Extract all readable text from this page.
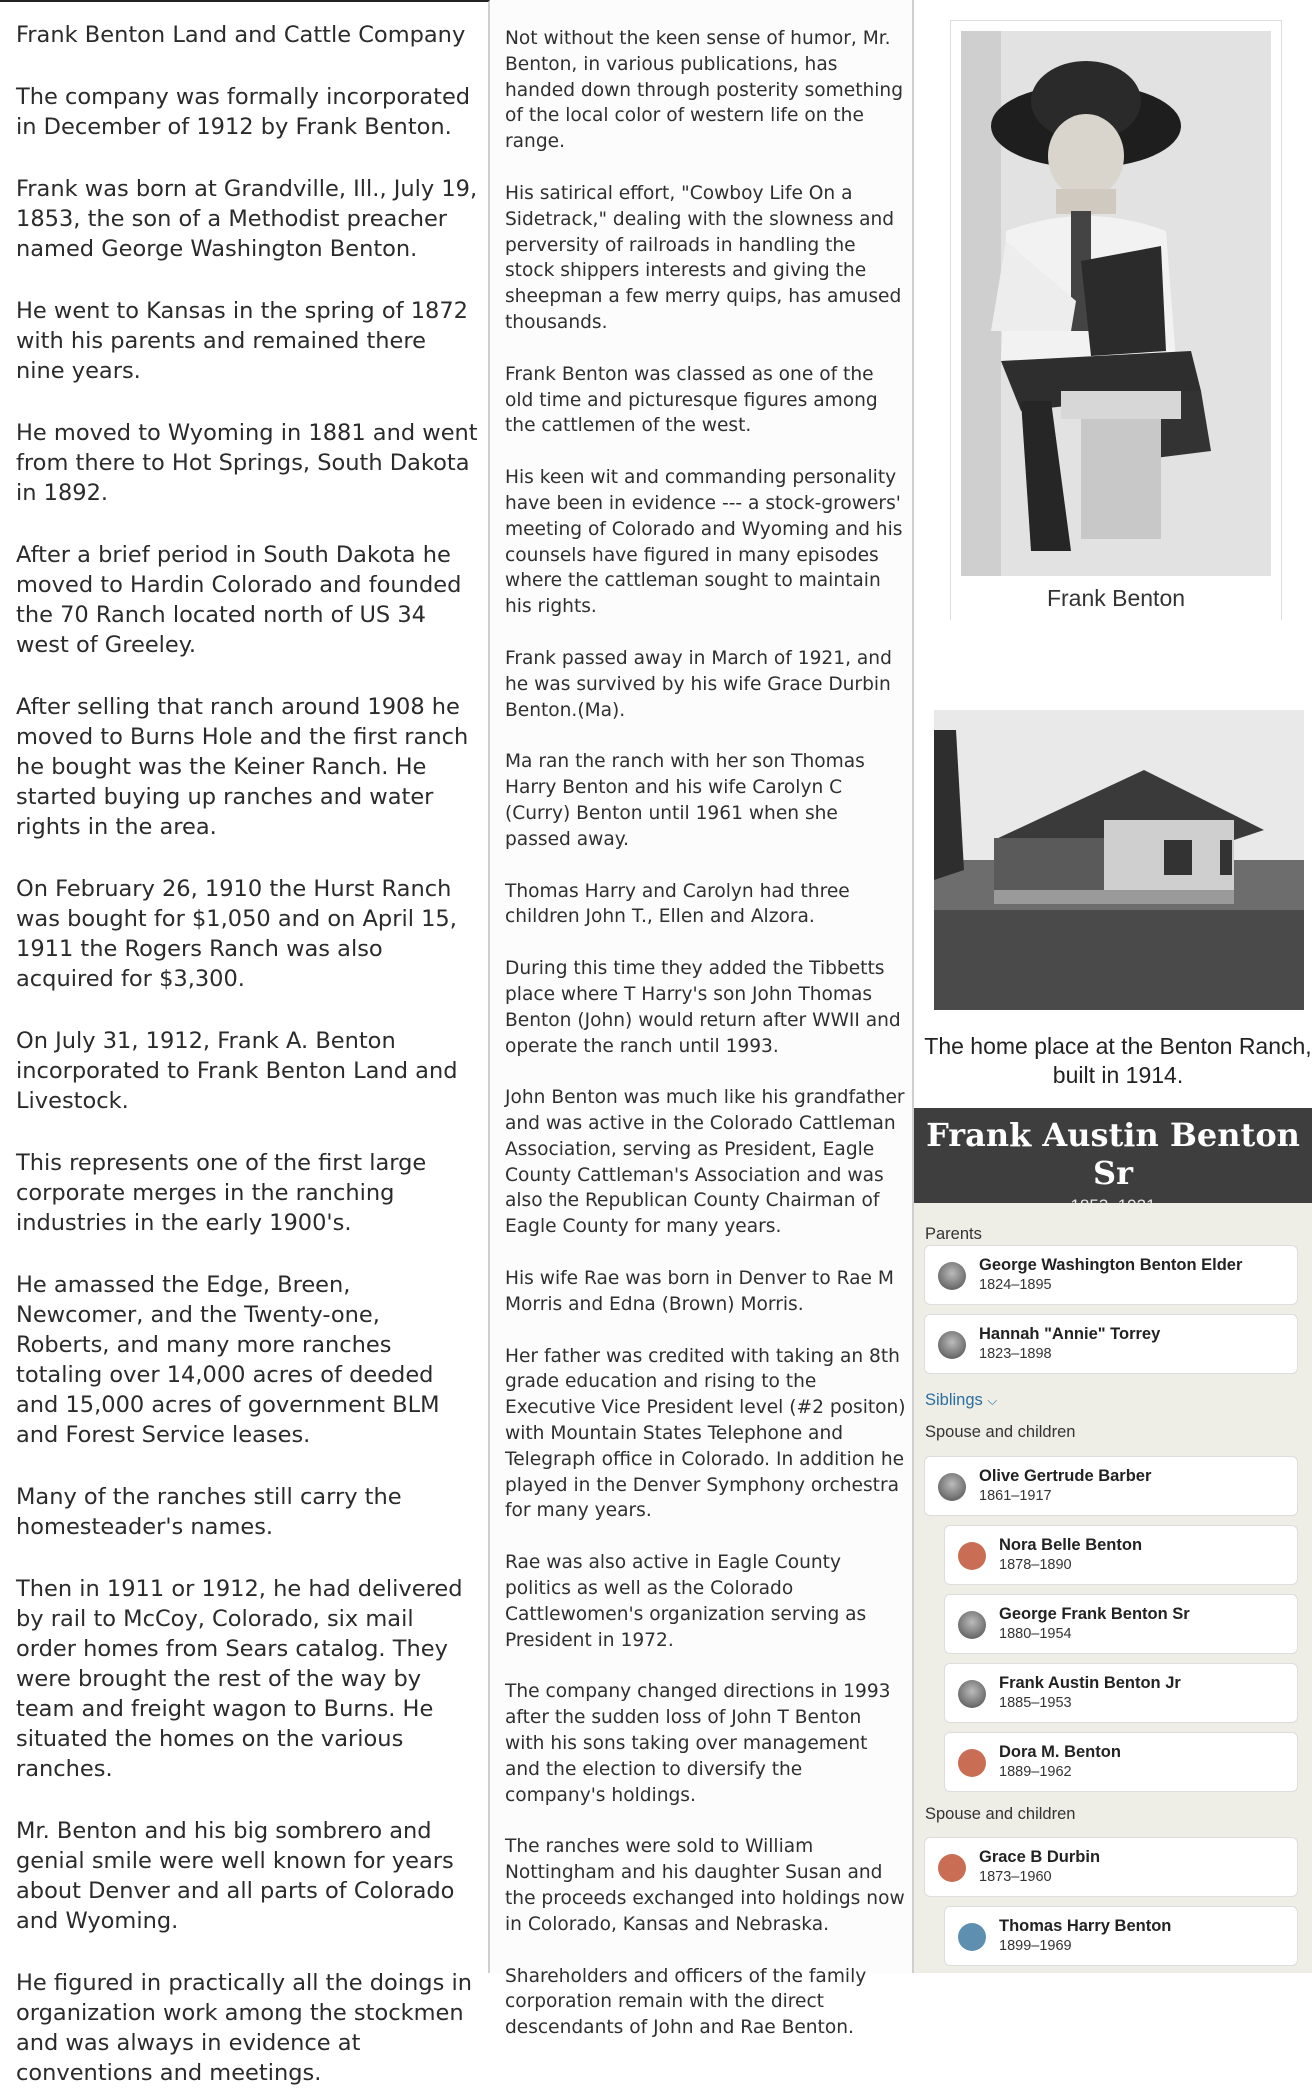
Frank Benton Land and Cattle Company

The company was formally incorporated in December of 1912 by Frank Benton.

Frank was born at Grandville, Ill., July 19, 1853, the son of a Methodist preacher named George Washington Benton.

He went to Kansas in the spring of 1872 with his parents and remained there nine years.

He moved to Wyoming in 1881 and went from there to Hot Springs, South Dakota in 1892.

After a brief period in South Dakota he moved to Hardin Colorado and founded the 70 Ranch located north of US 34 west of Greeley.

After selling that ranch around 1908 he moved to Burns Hole and the first ranch he bought was the Keiner Ranch. He started buying up ranches and water rights in the area.

On February 26, 1910 the Hurst Ranch was bought for $1,050 and on April 15, 1911 the Rogers Ranch was also acquired for $3,300.

On July 31, 1912, Frank A. Benton incorporated to Frank Benton Land and Livestock.

This represents one of the first large corporate merges in the ranching industries in the early 1900's.

He amassed the Edge, Breen, Newcomer, and the Twenty-one, Roberts, and many more ranches totaling over 14,000 acres of deeded and 15,000 acres of government BLM and Forest Service leases.

Many of the ranches still carry the homesteader's names.

Then in 1911 or 1912, he had delivered by rail to McCoy, Colorado, six mail order homes from Sears catalog. They were brought the rest of the way by team and freight wagon to Burns. He situated the homes on the various ranches.

Mr. Benton and his big sombrero and genial smile were well known for years about Denver and all parts of Colorado and Wyoming.

He figured in practically all the doings in organization work among the stockmen and was always in evidence at conventions and meetings.

Not without the keen sense of humor, Mr. Benton, in various publications, has handed down through posterity something of the local color of western life on the range.

His satirical effort, "Cowboy Life On a Sidetrack," dealing with the slowness and perversity of railroads in handling the stock shippers interests and giving the sheepman a few merry quips, has amused thousands.

Frank Benton was classed as one of the old time and picturesque figures among the cattlemen of the west.

His keen wit and commanding personality have been in evidence --- a stock-growers' meeting of Colorado and Wyoming and his counsels have figured in many episodes where the cattleman sought to maintain his rights.

Frank passed away in March of 1921, and he was survived by his wife Grace Durbin Benton.(Ma).

Ma ran the ranch with her son Thomas Harry Benton and his wife Carolyn C (Curry) Benton until 1961 when she passed away.

Thomas Harry and Carolyn had three children John T., Ellen and Alzora.

During this time they added the Tibbetts place where T Harry's son John Thomas Benton (John) would return after WWII and operate the ranch until 1993.

John Benton was much like his grandfather and was active in the Colorado Cattleman Association, serving as President, Eagle County Cattleman's Association and was also the Republican County Chairman of Eagle County for many years.

His wife Rae was born in Denver to Rae M Morris and Edna (Brown) Morris.

Her father was credited with taking an 8th grade education and rising to the Executive Vice President level (#2 positon) with Mountain States Telephone and Telegraph office in Colorado. In addition he played in the Denver Symphony orchestra for many years.

Rae was also active in Eagle County politics as well as the Colorado Cattlewomen's organization serving as President in 1972.

The company changed directions in 1993 after the sudden loss of John T Benton with his sons taking over management and the election to diversify the company's holdings.

The ranches were sold to William Nottingham and his daughter Susan and the proceeds exchanged into holdings now in Colorado, Kansas and Nebraska.

Shareholders and officers of the family corporation remain with the direct descendants of John and Rae Benton.

Frank Benton
The home place at the Benton Ranch, built in 1914.
Frank Austin Benton Sr
Parents
George Washington Benton Elder
1824–1895
Hannah "Annie" Torrey
1823–1898
Siblings ⌵
Spouse and children
Olive Gertrude Barber
1861–1917
Nora Belle Benton
1878–1890
George Frank Benton Sr
1880–1954
Frank Austin Benton Jr
1885–1953
Dora M. Benton
1889–1962
Spouse and children
Grace B Durbin
1873–1960
Thomas Harry Benton
1899–1969
